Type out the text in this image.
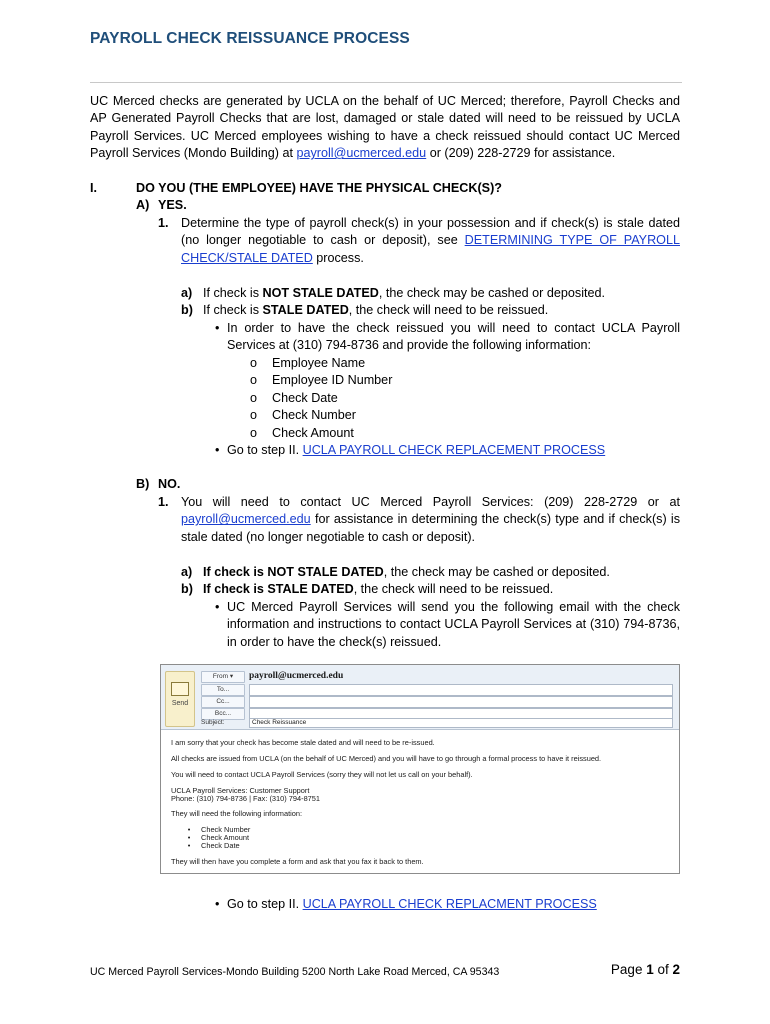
PAYROLL CHECK REISSUANCE PROCESS
UC Merced checks are generated by UCLA on the behalf of UC Merced; therefore, Payroll Checks and AP Generated Payroll Checks that are lost, damaged or stale dated will need to be reissued by UCLA Payroll Services. UC Merced employees wishing to have a check reissued should contact UC Merced Payroll Services (Mondo Building) at payroll@ucmerced.edu or (209) 228-2729 for assistance.
I.	DO YOU (THE EMPLOYEE) HAVE THE PHYSICAL CHECK(S)?
A) YES.
1. Determine the type of payroll check(s) in your possession and if check(s) is stale dated (no longer negotiable to cash or deposit), see DETERMINING TYPE OF PAYROLL CHECK/STALE DATED process.
a) If check is NOT STALE DATED, the check may be cashed or deposited.
b) If check is STALE DATED, the check will need to be reissued.
• In order to have the check reissued you will need to contact UCLA Payroll Services at (310) 794-8736 and provide the following information:
o Employee Name
o Employee ID Number
o Check Date
o Check Number
o Check Amount
• Go to step II. UCLA PAYROLL CHECK REPLACEMENT PROCESS
B) NO.
1. You will need to contact UC Merced Payroll Services: (209) 228-2729 or at payroll@ucmerced.edu for assistance in determining the check(s) type and if check(s) is stale dated (no longer negotiable to cash or deposit).
a) If check is NOT STALE DATED, the check may be cashed or deposited.
b) If check is STALE DATED, the check will need to be reissued.
• UC Merced Payroll Services will send you the following email with the check information and instructions to contact UCLA Payroll Services at (310) 794-8736, in order to have the check(s) reissued.
Send
From ▾	payroll@ucmerced.edu
To...
Cc...
Bcc...
Subject:	Check Reissuance
I am sorry that your check has become stale dated and will need to be re-issued.
All checks are issued from UCLA (on the behalf of UC Merced) and you will have to go through a formal process to have it reissued.
You will need to contact UCLA Payroll Services (sorry they will not let us call on your behalf).
UCLA Payroll Services: Customer Support
Phone: (310) 794-8736 | Fax: (310) 794-8751
They will need the following information:
• Check Number
• Check Amount
• Check Date
They will then have you complete a form and ask that you fax it back to them.
• Go to step II. UCLA PAYROLL CHECK REPLACMENT PROCESS
UC Merced Payroll Services-Mondo Building 5200 North Lake Road Merced, CA 95343	Page 1 of 2
